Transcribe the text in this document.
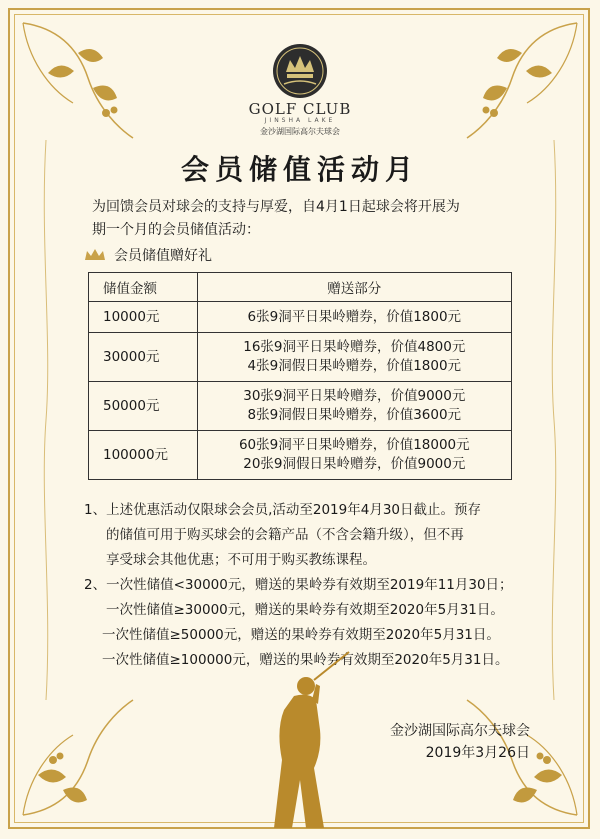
GOLF CLUB
JINSHA LAKE
金沙湖国际高尔夫球会
会员储值活动月
为回馈会员对球会的支持与厚爱，自4月1日起球会将开展为
期一个月的会员储值活动：
会员储值赠好礼
储值金额	赠送部分
10000元	6张9洞平日果岭赠券，价值1800元

30000元	16张9洞平日果岭赠券，价值4800元
4张9洞假日果岭赠券，价值1800元

50000元	30张9洞平日果岭赠券，价值9000元
8张9洞假日果岭赠券，价值3600元

100000元	60张9洞平日果岭赠券，价值18000元
20张9洞假日果岭赠券，价值9000元

1、上述优惠活动仅限球会会员,活动至2019年4月30日截止。预存

的储值可用于购买球会的会籍产品（不含会籍升级），但不再

享受球会其他优惠；不可用于购买教练课程。

2、一次性储值<30000元，赠送的果岭券有效期至2019年11月30日；

一次性储值≥30000元，赠送的果岭券有效期至2020年5月31日。

一次性储值≥50000元，赠送的果岭券有效期至2020年5月31日。

一次性储值≥100000元，赠送的果岭券有效期至2020年5月31日。

金沙湖国际高尔夫球会
2019年3月26日
